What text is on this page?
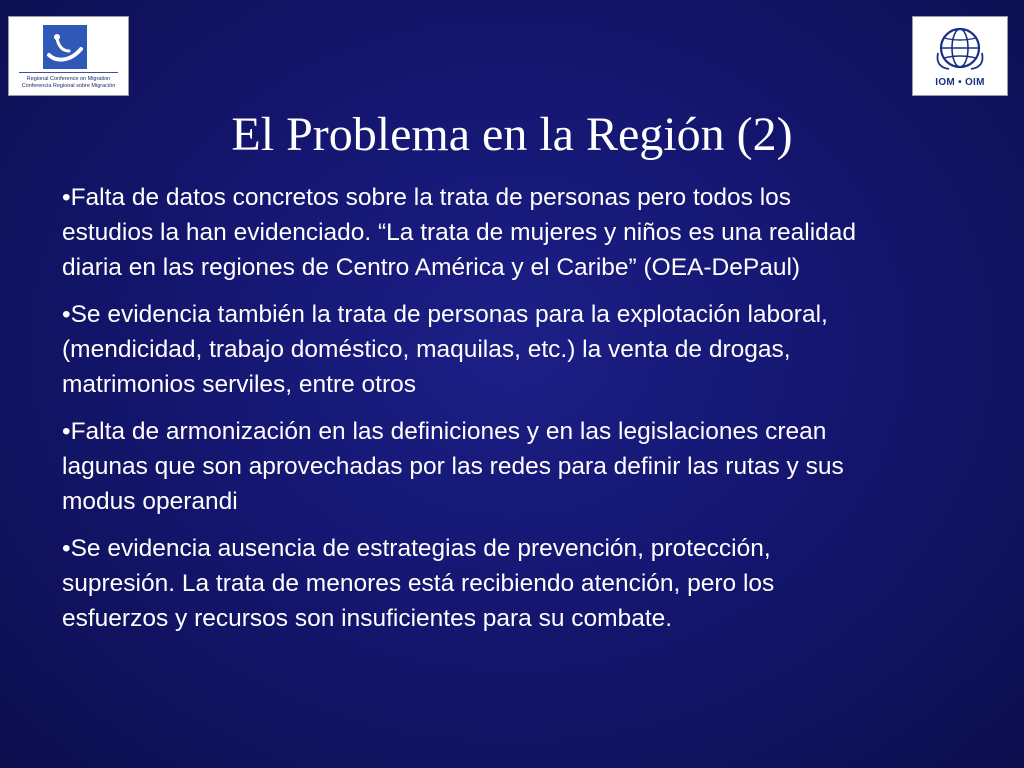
Regional Conference on Migration
Conferencia Regional sobre Migración	IOM • OIM
El Problema en la Región (2)

•Falta de datos concretos sobre la trata de personas pero todos los
estudios la han evidenciado. “La trata de mujeres y niños es una realidad
diaria en las regiones de Centro América y el Caribe” (OEA-DePaul)

•Se evidencia también la trata de personas para la explotación laboral,
(mendicidad, trabajo doméstico, maquilas, etc.) la venta de drogas,
matrimonios serviles, entre otros

•Falta de armonización en las definiciones y en las legislaciones crean
lagunas que son aprovechadas por las redes para definir las rutas y sus
modus operandi

•Se evidencia ausencia de estrategias de prevención, protección,
supresión. La trata de menores está recibiendo atención, pero los
esfuerzos y recursos son insuficientes para su combate.
